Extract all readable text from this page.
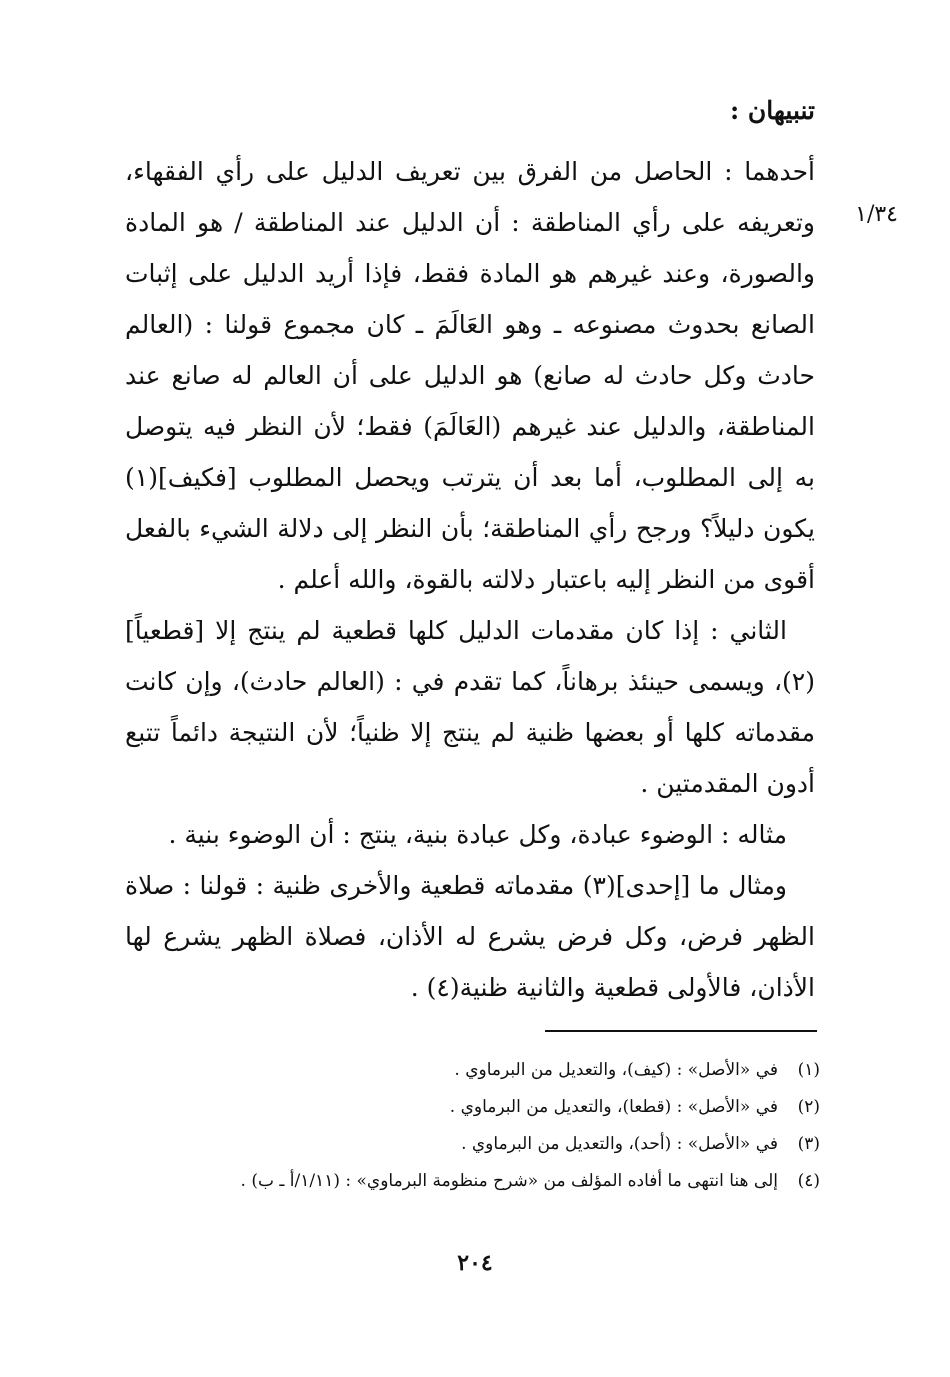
تنبيهان :
١/٣٤

أحدهما : الحاصل من الفرق بين تعريف الدليل على رأي الفقهاء، وتعريفه على رأي المناطقة : أن الدليل عند المناطقة / هو المادة والصورة، وعند غيرهم هو المادة فقط، فإذا أريد الدليل على إثبات الصانع بحدوث مصنوعه ـ وهو العَالَمَ ـ كان مجموع قولنا : (العالم حادث وكل حادث له صانع) هو الدليل على أن العالم له صانع عند المناطقة، والدليل عند غيرهم (العَالَمَ) فقط؛ لأن النظر فيه يتوصل به إلى المطلوب، أما بعد أن يترتب ويحصل المطلوب [فكيف](١) يكون دليلاً؟ ورجح رأي المناطقة؛ بأن النظر إلى دلالة الشيء بالفعل أقوى من النظر إليه باعتبار دلالته بالقوة، والله أعلم .

الثاني : إذا كان مقدمات الدليل كلها قطعية لم ينتج إلا [قطعياً](٢)، ويسمى حينئذ برهاناً، كما تقدم في : (العالم حادث)، وإن كانت مقدماته كلها أو بعضها ظنية لم ينتج إلا ظنياً؛ لأن النتيجة دائماً تتبع أدون المقدمتين .

مثاله : الوضوء عبادة، وكل عبادة بنية، ينتج : أن الوضوء بنية .

ومثال ما [إحدى](٣) مقدماته قطعية والأخرى ظنية : قولنا : صلاة الظهر فرض، وكل فرض يشرع له الأذان، فصلاة الظهر يشرع لها الأذان، فالأولى قطعية والثانية ظنية(٤) .

(١)
في «الأصل» : (كيف)، والتعديل من البرماوي .
(٢)
في «الأصل» : (قطعا)، والتعديل من البرماوي .
(٣)
في «الأصل» : (أحد)، والتعديل من البرماوي .
(٤)
إلى هنا انتهى ما أفاده المؤلف من «شرح منظومة البرماوي» : (١/١١/أ ـ ب) .
٢٠٤
